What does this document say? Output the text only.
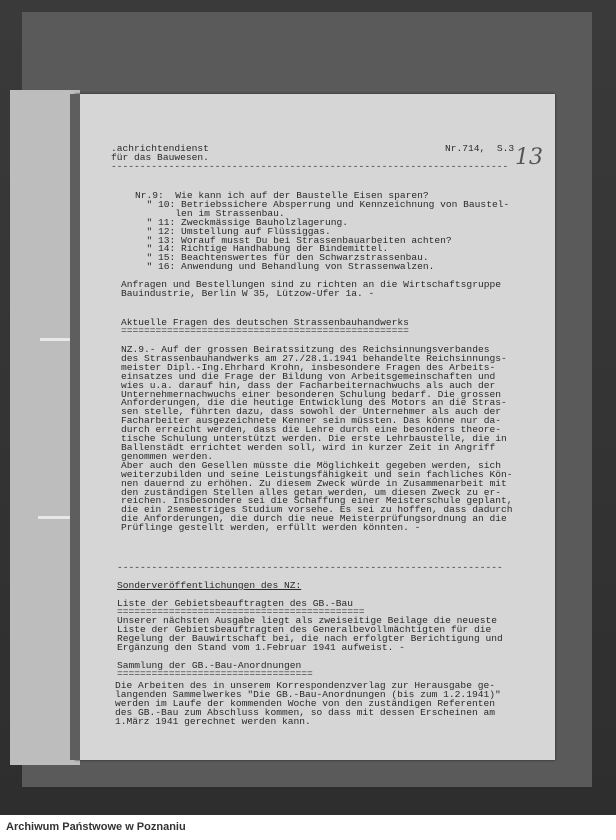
.achrichtendienst
für das Bauwesen.
Nr.714,  S.3 13
---------------------------------------------------------------------
Nr.9:  Wie kann ich auf der Baustelle Eisen sparen?
" 10: Betriebssichere Absperrung und Kennzeichnung von Baustel-
len im Strassenbau.
" 11: Zweckmässige Bauholzlagerung.
" 12: Umstellung auf Flüssiggas.
" 13: Worauf musst Du bei Strassenbauarbeiten achten?
" 14: Richtige Handhabung der Bindemittel.
" 15: Beachtenswertes für den Schwarzstrassenbau.
" 16: Anwendung und Behandlung von Strassenwalzen.
Anfragen und Bestellungen sind zu richten an die Wirtschaftsgruppe
Bauindustrie, Berlin W 35, Lützow-Ufer 1a. -
Aktuelle Fragen des deutschen Strassenbauhandwerks
==================================================
NZ.9.- Auf der grossen Beiratssitzung des Reichsinnungsverbandes
des Strassenbauhandwerks am 27./28.1.1941 behandelte Reichsinnungs-
meister Dipl.-Ing.Ehrhard Krohn, insbesondere Fragen des Arbeits-
einsatzes und die Frage der Bildung von Arbeitsgemeinschaften und
wies u.a. darauf hin, dass der Facharbeiternachwuchs als auch der
Unternehmernachwuchs einer besonderen Schulung bedarf. Die grossen
Anforderungen, die die heutige Entwicklung des Motors an die Stras-
sen stelle, führten dazu, dass sowohl der Unternehmer als auch der
Facharbeiter ausgezeichnete Kenner sein müssten. Das könne nur da-
durch erreicht werden, dass die Lehre durch eine besonders theore-
tische Schulung unterstützt werden. Die erste Lehrbaustelle, die in
Ballenstädt errichtet werden soll, wird in kurzer Zeit in Angriff
genommen werden.
Aber auch den Gesellen müsste die Möglichkeit gegeben werden, sich
weiterzubilden und seine Leistungsfähigkeit und sein fachliches Kön-
nen dauernd zu erhöhen. Zu diesem Zweck würde in Zusammenarbeit mit
den zuständigen Stellen alles getan werden, um diesen Zweck zu er-
reichen. Insbesondere sei die Schaffung einer Meisterschule geplant,
die ein 2semestriges Studium vorsehe. Es sei zu hoffen, dass dadurch
die Anforderungen, die durch die neue Meisterprüfungsordnung an die
Prüflinge gestellt werden, erfüllt werden könnten. -
-------------------------------------------------------------------
Sonderveröffentlichungen des NZ:
Liste der Gebietsbeauftragten des GB.-Bau
===========================================
Unserer nächsten Ausgabe liegt als zweiseitige Beilage die neueste
Liste der Gebietsbeauftragten des Generalbevollmächtigten für die
Regelung der Bauwirtschaft bei, die nach erfolgter Berichtigung und
Ergänzung den Stand vom 1.Februar 1941 aufweist. -
Sammlung der GB.-Bau-Anordnungen
==================================
Die Arbeiten des in unserem Korrespondenzverlag zur Herausgabe ge-
langenden Sammelwerkes "Die GB.-Bau-Anordnungen (bis zum 1.2.1941)"
werden im Laufe der kommenden Woche von den zuständigen Referenten
des GB.-Bau zum Abschluss kommen, so dass mit dessen Erscheinen am
1.März 1941 gerechnet werden kann.
Archiwum Państwowe w Poznaniu
